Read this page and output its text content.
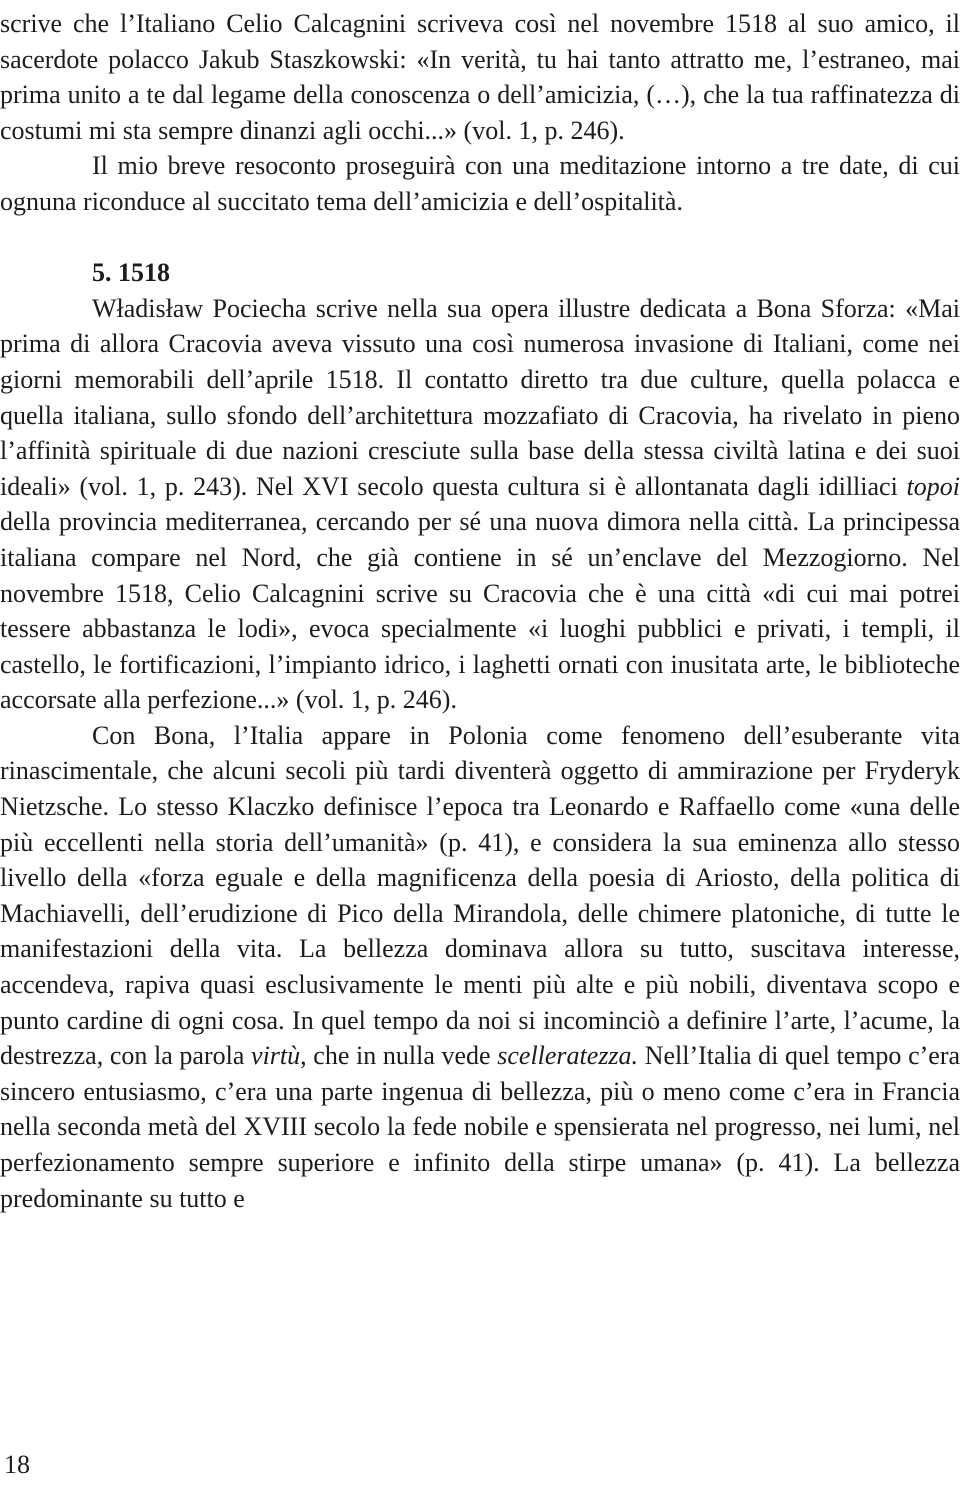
scrive che l’Italiano Celio Calcagnini scriveva così nel novembre 1518 al suo amico, il sacerdote polacco Jakub Staszkowski: «In verità, tu hai tanto attratto me, l’estraneo, mai prima unito a te dal legame della conoscenza o dell’amicizia, (…), che la tua raffinatezza di costumi mi sta sempre dinanzi agli occhi...» (vol. 1, p. 246).

Il mio breve resoconto proseguirà con una meditazione intorno a tre date, di cui ognuna riconduce al succitato tema dell’amicizia e dell’ospitalità.

5. 1518

Władisław Pociecha scrive nella sua opera illustre dedicata a Bona Sforza: «Mai prima di allora Cracovia aveva vissuto una così numerosa invasione di Italiani, come nei giorni memorabili dell’aprile 1518. Il contatto diretto tra due culture, quella polacca e quella italiana, sullo sfondo dell’architettura mozzafiato di Cracovia, ha rivelato in pieno l’affinità spirituale di due nazioni cresciute sulla base della stessa civiltà latina e dei suoi ideali» (vol. 1, p. 243). Nel XVI secolo questa cultura si è allontanata dagli idilliaci topoi della provincia mediterranea, cercando per sé una nuova dimora nella città. La principessa italiana compare nel Nord, che già contiene in sé un’enclave del Mezzogiorno. Nel novembre 1518, Celio Calcagnini scrive su Cracovia che è una città «di cui mai potrei tessere abbastanza le lodi», evoca specialmente «i luoghi pubblici e privati, i templi, il castello, le fortificazioni, l’impianto idrico, i laghetti ornati con inusitata arte, le biblioteche accorsate alla perfezione...» (vol. 1, p. 246).

Con Bona, l’Italia appare in Polonia come fenomeno dell’esuberante vita rinascimentale, che alcuni secoli più tardi diventerà oggetto di ammirazione per Fryderyk Nietzsche. Lo stesso Klaczko definisce l’epoca tra Leonardo e Raffaello come «una delle più eccellenti nella storia dell’umanità» (p. 41), e considera la sua eminenza allo stesso livello della «forza eguale e della magnificenza della poesia di Ariosto, della politica di Machiavelli, dell’erudizione di Pico della Mirandola, delle chimere platoniche, di tutte le manifestazioni della vita. La bellezza dominava allora su tutto, suscitava interesse, accendeva, rapiva quasi esclusivamente le menti più alte e più nobili, diventava scopo e punto cardine di ogni cosa. In quel tempo da noi si incominciò a definire l’arte, l’acume, la destrezza, con la parola virtù, che in nulla vede scelleratezza. Nell’Italia di quel tempo c’era sincero entusiasmo, c’era una parte ingenua di bellezza, più o meno come c’era in Francia nella seconda metà del XVIII secolo la fede nobile e spensierata nel progresso, nei lumi, nel perfezionamento sempre superiore e infinito della stirpe umana» (p. 41). La bellezza predominante su tutto e

18
